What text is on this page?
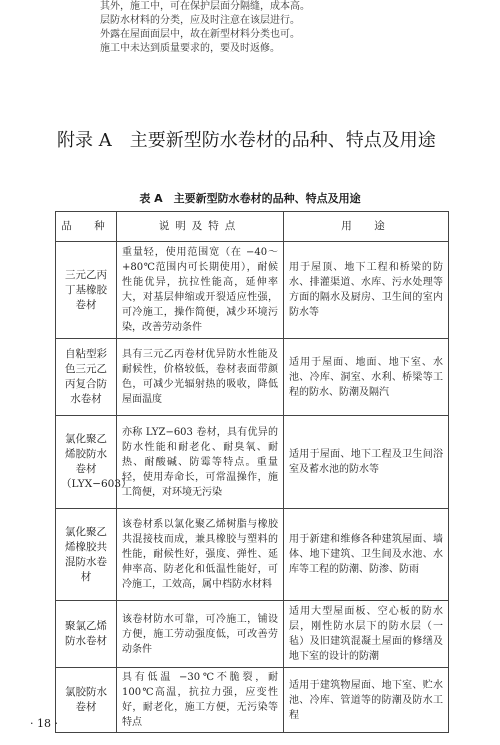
其外，施工中，可在保护层面分隔缝，成本高。
层防水材料的分类，应及时注意在该层进行。
外露在屋面面层中，故在新型材料分类也可。
施工中未达到质量要求的，要及时返修。
附录 A　主要新型防水卷材的品种、特点及用途
表 A　主要新型防水卷材的品种、特点及用途
品　种	说明及特点	用　途
三元乙丙丁基橡胶卷材	重量轻，使用范围宽（在 −40～+80℃范围内可长期使用），耐候性能优异，抗拉性能高，延伸率大，对基层伸缩或开裂适应性强，可冷施工，操作简便，减少环境污染，改善劳动条件	用于屋顶、地下工程和桥梁的防水、排灌渠道、水库、污水处理等方面的隔水及厨房、卫生间的室内防水等
自粘型彩色三元乙丙复合防水卷材	具有三元乙丙卷材优异防水性能及耐候性，价格较低，卷材表面带颜色，可减少光辐射热的吸收，降低屋面温度	适用于屋面、地面、地下室、水池、冷库、洞室、水利、桥梁等工程的防水、防潮及隔汽
氯化聚乙烯胶防水卷材（LYX−603）	亦称 LYZ−603 卷材，具有优异的防水性能和耐老化、耐臭氧、耐热、耐酸碱、防霉等特点。重量轻，使用寿命长，可常温操作，施工简便，对环境无污染	适用于屋面、地下工程及卫生间浴室及蓄水池的防水等
氯化聚乙烯橡胶共混防水卷材	该卷材系以氯化聚乙烯树脂与橡胶共混接枝而成，兼具橡胶与塑料的性能，耐候性好，强度、弹性、延伸率高、防老化和低温性能好，可冷施工，工效高，属中档防水材料	用于新建和维修各种建筑屋面、墙体、地下建筑、卫生间及水池、水库等工程的防潮、防渗、防雨
聚氯乙烯防水卷材	该卷材防水可靠，可冷施工，铺设方便，施工劳动强度低，可改善劳动条件	适用大型屋面板、空心板的防水层，刚性防水层下的防水层（一毡）及旧建筑混凝土屋面的修缮及地下室的设计的防潮
氯胶防水卷材	具有低温 −30℃不脆裂，耐 100℃高温，抗拉力强，应变性好，耐老化，施工方便，无污染等特点	适用于建筑物屋面、地下室、贮水池、冷库、管道等的防潮及防水工程
· 18 ·
